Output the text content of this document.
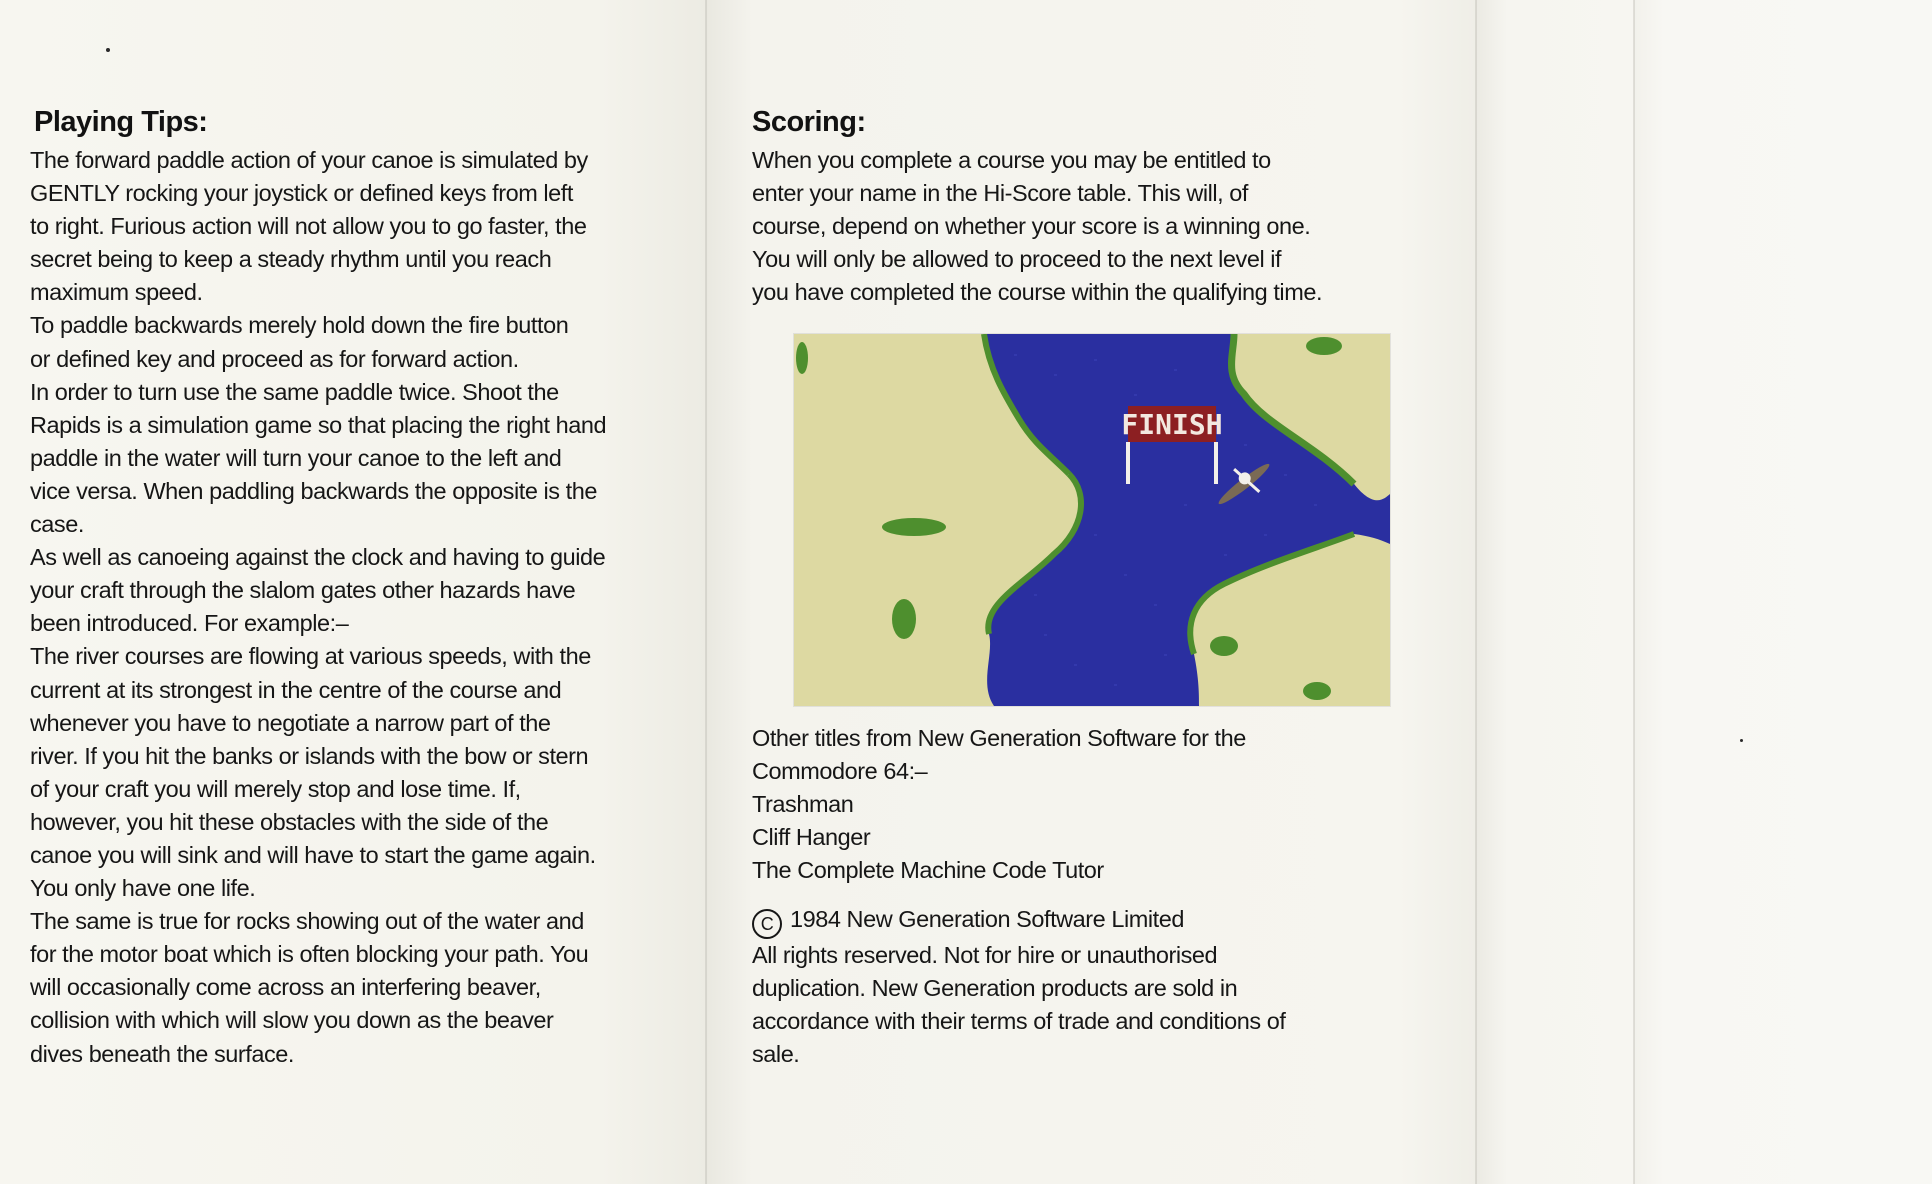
Playing Tips:
The forward paddle action of your canoe is simulated by
GENTLY rocking your joystick or defined keys from left
to right. Furious action will not allow you to go faster, the
secret being to keep a steady rhythm until you reach
maximum speed.
To paddle backwards merely hold down the fire button
or defined key and proceed as for forward action.
In order to turn use the same paddle twice. Shoot the
Rapids is a simulation game so that placing the right hand
paddle in the water will turn your canoe to the left and
vice versa. When paddling backwards the opposite is the
case.
As well as canoeing against the clock and having to guide
your craft through the slalom gates other hazards have
been introduced. For example:–
The river courses are flowing at various speeds, with the
current at its strongest in the centre of the course and
whenever you have to negotiate a narrow part of the
river. If you hit the banks or islands with the bow or stern
of your craft you will merely stop and lose time. If,
however, you hit these obstacles with the side of the
canoe you will sink and will have to start the game again.
You only have one life.
The same is true for rocks showing out of the water and
for the motor boat which is often blocking your path. You
will occasionally come across an interfering beaver,
collision with which will slow you down as the beaver
dives beneath the surface.
Scoring:
When you complete a course you may be entitled to
enter your name in the Hi-Score table. This will, of
course, depend on whether your score is a winning one.
You will only be allowed to proceed to the next level if
you have completed the course within the qualifying time.
FINISH
Other titles from New Generation Software for the
Commodore 64:–
Trashman
Cliff Hanger
The Complete Machine Code Tutor
C 1984 New Generation Software Limited
All rights reserved. Not for hire or unauthorised
duplication. New Generation products are sold in
accordance with their terms of trade and conditions of
sale.
